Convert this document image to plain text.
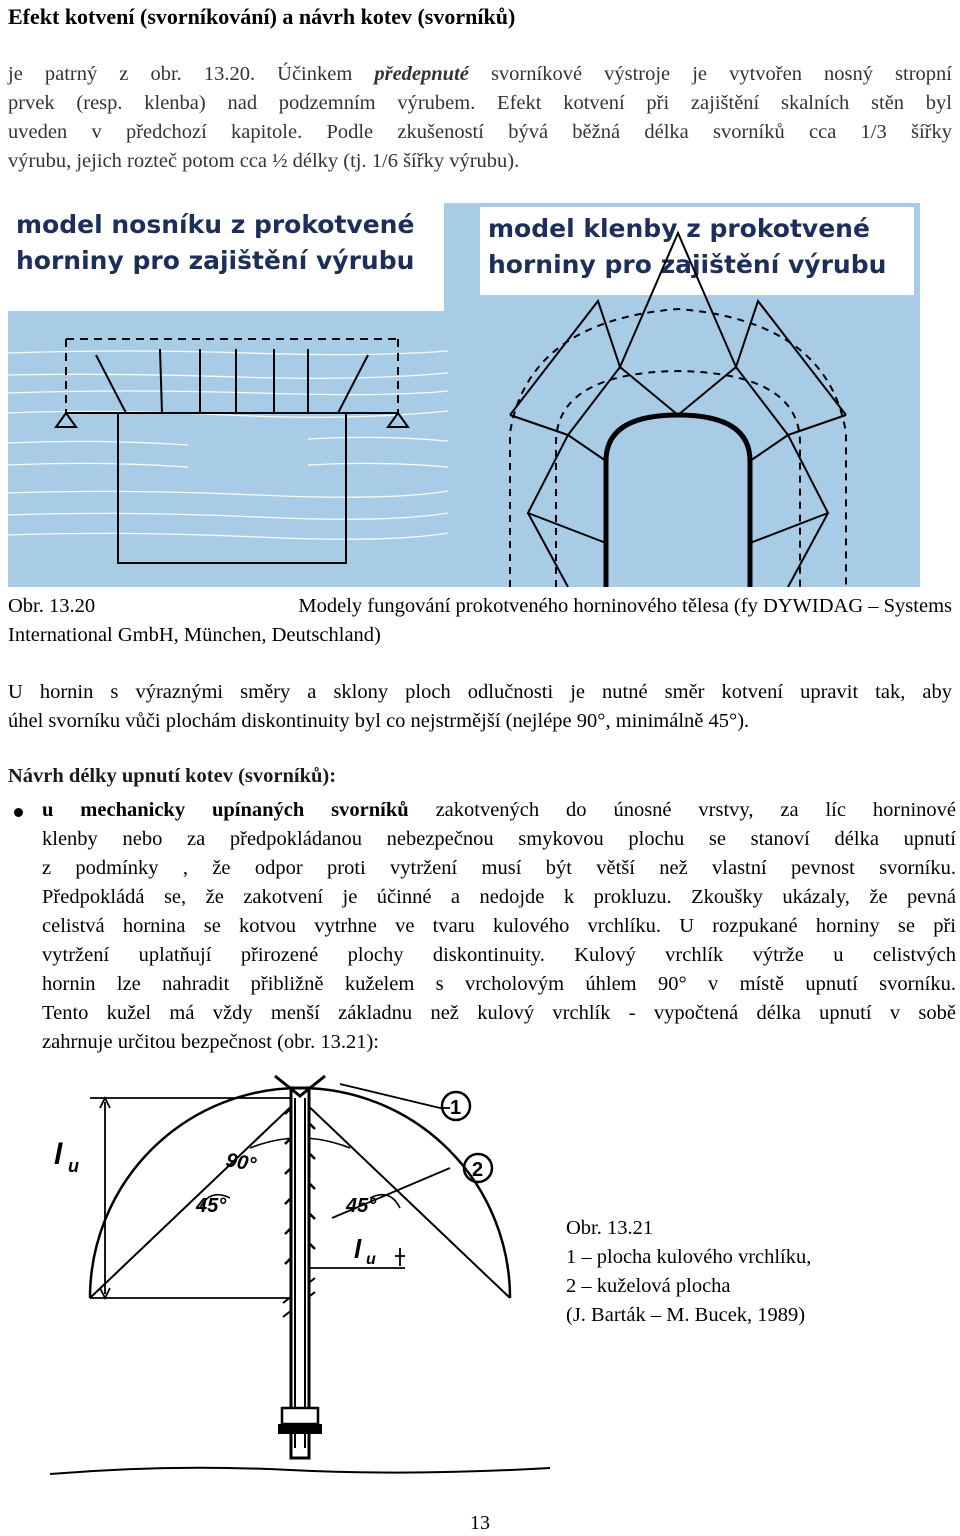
Efekt kotvení (svorníkování) a návrh kotev (svorníků)
je patrný z obr. 13.20. Účinkem předepnuté svorníkové výstroje je vytvořen nosný stropní
prvek (resp. klenba) nad podzemním výrubem. Efekt kotvení při zajištění skalních stěn byl
uveden v předchozí kapitole. Podle zkušeností bývá běžná délka svorníků cca 1/3 šířky
výrubu, jejich rozteč potom cca ½ délky (tj. 1/6 šířky výrubu).
model nosníku z prokotvené
horniny pro zajištění výrubu
model klenby z prokotvené
horniny pro zajištění výrubu
Obr. 13.20	Modely fungování prokotveného horninového tělesa (fy DYWIDAG – Systems
International GmbH, München, Deutschland)
U hornin s výraznými směry a sklony ploch odlučnosti je nutné směr kotvení upravit tak, aby
úhel svorníku vůči plochám diskontinuity byl co nejstrmější (nejlépe 90°, minimálně 45°).
Návrh délky upnutí kotev (svorníků):
u mechanicky upínaných svorníků zakotvených do únosné vrstvy, za líc horninové
klenby nebo za předpokládanou nebezpečnou smykovou plochu se stanoví délka upnutí
z podmínky , že odpor proti vytržení musí být větší než vlastní pevnost svorníku.
Předpokládá se, že zakotvení je účinné a nedojde k prokluzu. Zkoušky ukázaly, že pevná
celistvá hornina se kotvou vytrhne ve tvaru kulového vrchlíku. U rozpukané horniny se při
vytržení uplatňují přirozené plochy diskontinuity. Kulový vrchlík výtrže u celistvých
hornin lze nahradit přibližně kuželem s vrcholovým úhlem 90° v místě upnutí svorníku.
Tento kužel má vždy menší základnu než kulový vrchlík - vypočtená délka upnutí v sobě
zahrnuje určitou bezpečnost (obr. 13.21):
l u
l u
90°
45°	45°
1
2
Obr. 13.21
1 – plocha kulového vrchlíku,
2 – kuželová plocha
(J. Barták – M. Bucek, 1989)
13
